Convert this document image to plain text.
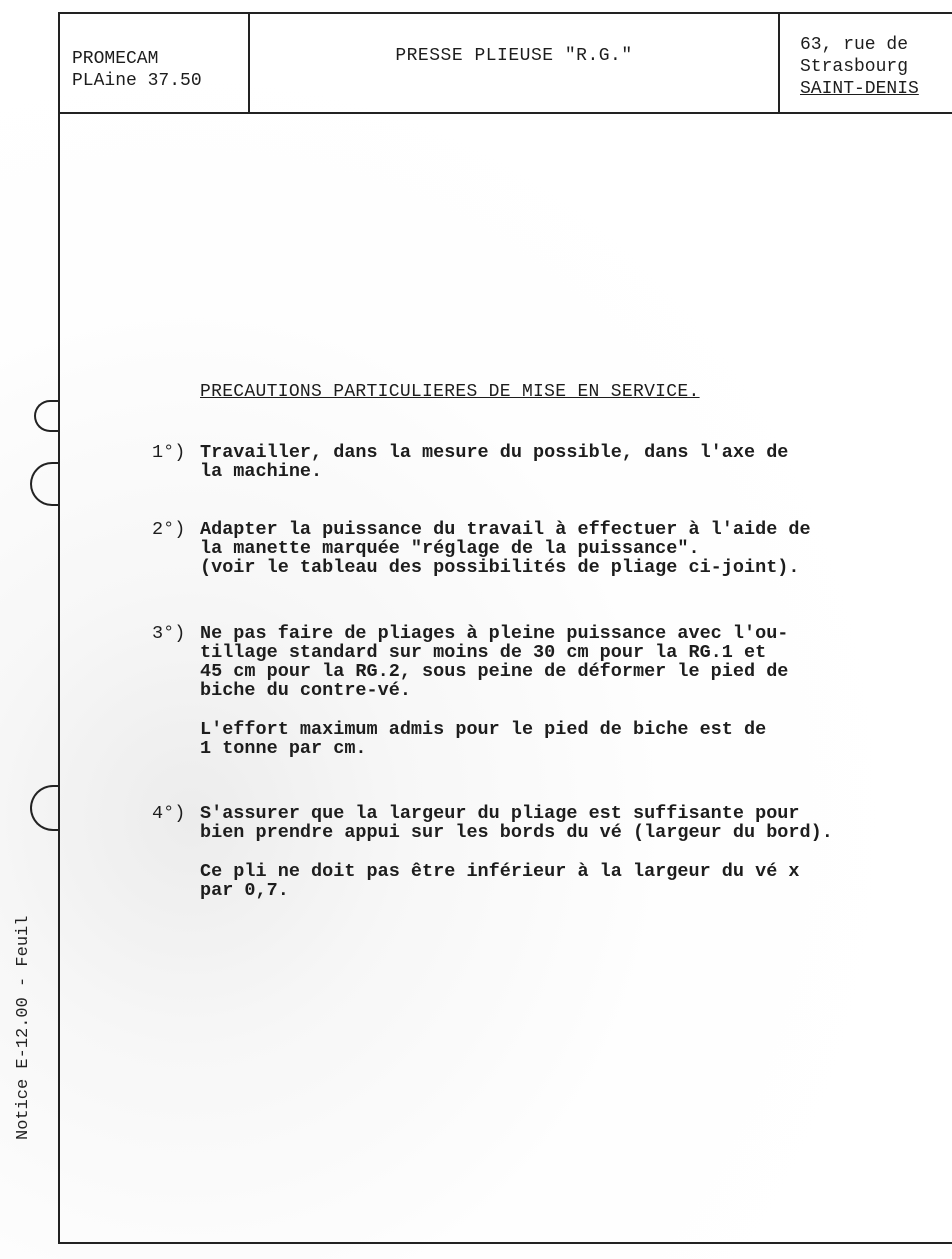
PROMECAM
PLAine 37.50
PRESSE PLIEUSE "R.G."
63, rue de
Strasbourg
SAINT-DENIS
PRECAUTIONS PARTICULIERES DE MISE EN SERVICE.
1°) Travailler, dans la mesure du possible, dans l'axe de
la machine.
2°) Adapter la puissance du travail à effectuer à l'aide de
la manette marquée "réglage de la puissance".
(voir le tableau des possibilités de pliage ci-joint).
3°) Ne pas faire de pliages à pleine puissance avec l'ou-
tillage standard sur moins de 30 cm pour la RG.1 et
45 cm pour la RG.2, sous peine de déformer le pied de
biche du contre-vé.
L'effort maximum admis pour le pied de biche est de
1 tonne par cm.
4°) S'assurer que la largeur du pliage est suffisante pour
bien prendre appui sur les bords du vé (largeur du bord).
Ce pli ne doit pas être inférieur à la largeur du vé x
par 0,7.
Notice E-12.00 - Feuil
